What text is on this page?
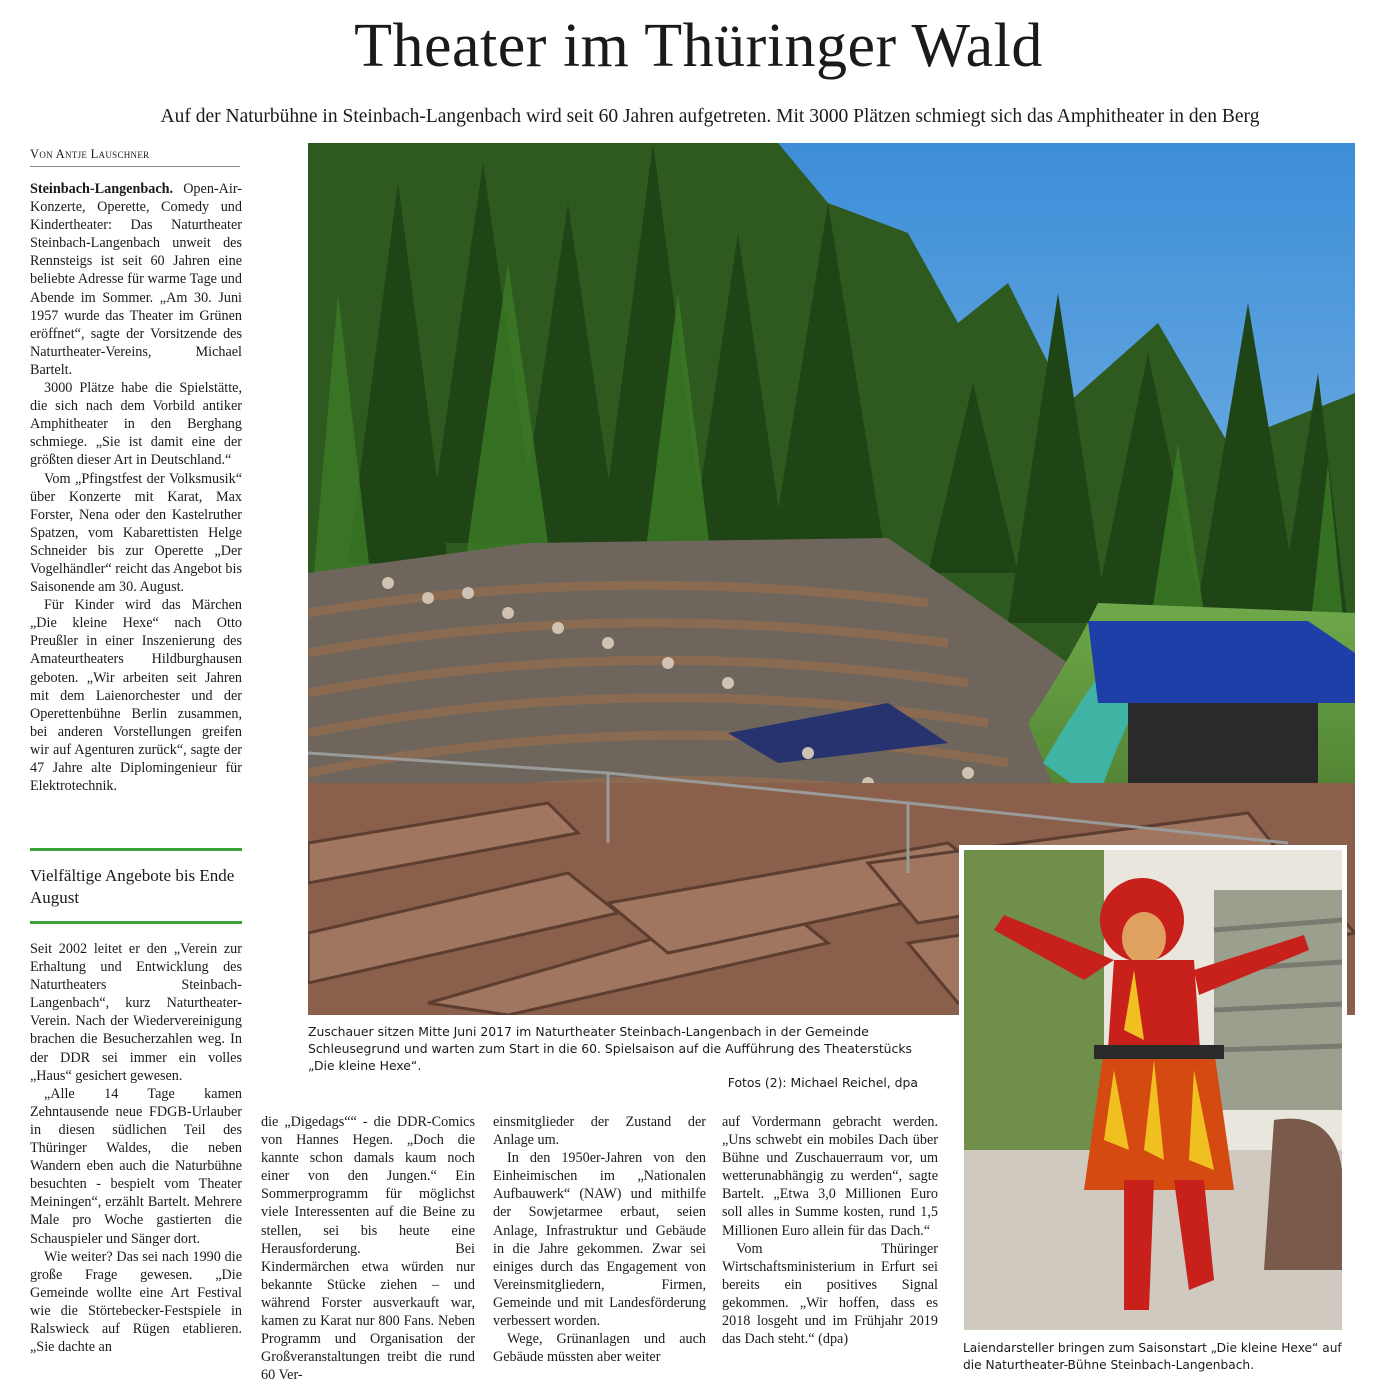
Theater im Thüringer Wald
Auf der Naturbühne in Steinbach-Langenbach wird seit 60 Jahren aufgetreten. Mit 3000 Plätzen schmiegt sich das Amphitheater in den Berg
Von Antje Lauschner

Steinbach-Langenbach. Open-Air-Konzerte, Operette, Comedy und Kindertheater: Das Naturtheater Steinbach-Langenbach unweit des Rennsteigs ist seit 60 Jahren eine beliebte Adresse für warme Tage und Abende im Sommer. „Am 30. Juni 1957 wurde das Theater im Grünen eröffnet“, sagte der Vorsitzende des Naturtheater-Vereins, Michael Bartelt.

3000 Plätze habe die Spielstätte, die sich nach dem Vorbild antiker Amphitheater in den Berghang schmiege. „Sie ist damit eine der größten dieser Art in Deutschland.“

Vom „Pfingstfest der Volksmusik“ über Konzerte mit Karat, Max Forster, Nena oder den Kastelruther Spatzen, vom Kabarettisten Helge Schneider bis zur Operette „Der Vogelhändler“ reicht das Angebot bis Saisonende am 30. August.

Für Kinder wird das Märchen „Die kleine Hexe“ nach Otto Preußler in einer Inszenierung des Amateurtheaters Hildburghausen geboten. „Wir arbeiten seit Jahren mit dem Laienorchester und der Operettenbühne Berlin zusammen, bei anderen Vorstellungen greifen wir auf Agenturen zurück“, sagte der 47 Jahre alte Diplomingenieur für Elektrotechnik.

Vielfältige Angebote bis Ende August

Seit 2002 leitet er den „Verein zur Erhaltung und Entwicklung des Naturtheaters Steinbach-Langenbach“, kurz Naturtheater-Verein. Nach der Wiedervereinigung brachen die Besucherzahlen weg. In der DDR sei immer ein volles „Haus“ gesichert gewesen.

„Alle 14 Tage kamen Zehntausende neue FDGB-Urlauber in diesen südlichen Teil des Thüringer Waldes, die neben Wandern eben auch die Naturbühne besuchten - bespielt vom Theater Meiningen“, erzählt Bartelt. Mehrere Male pro Woche gastierten die Schauspieler und Sänger dort.

Wie weiter? Das sei nach 1990 die große Frage gewesen. „Die Gemeinde wollte eine Art Festival wie die Störtebecker-Festspiele in Ralswieck auf Rügen etablieren. „Sie dachte an

Zuschauer sitzen Mitte Juni 2017 im Naturtheater Steinbach-Langenbach in der Gemeinde Schleusegrund und warten zum Start in die 60. Spielsaison auf die Aufführung des Theaterstücks „Die kleine Hexe“.
Fotos (2): Michael Reichel, dpa
Laiendarsteller bringen zum Saisonstart „Die kleine Hexe“ auf die Naturtheater-Bühne Steinbach-Langenbach.

die „Digedags““ - die DDR-Comics von Hannes Hegen. „Doch die kannte schon damals kaum noch einer von den Jungen.“ Ein Sommerprogramm für möglichst viele Interessenten auf die Beine zu stellen, sei bis heute eine Herausforderung. Bei Kindermärchen etwa würden nur bekannte Stücke ziehen – und während Forster ausverkauft war, kamen zu Karat nur 800 Fans. Neben Programm und Organisation der Großveranstaltungen treibt die rund 60 Ver-

einsmitglieder der Zustand der Anlage um.

In den 1950er-Jahren von den Einheimischen im „Nationalen Aufbauwerk“ (NAW) und mithilfe der Sowjetarmee erbaut, seien Anlage, Infrastruktur und Gebäude in die Jahre gekommen. Zwar sei einiges durch das Engagement von Vereinsmitgliedern, Firmen, Gemeinde und mit Landesförderung verbessert worden.

Wege, Grünanlagen und auch Gebäude müssten aber weiter

auf Vordermann gebracht werden. „Uns schwebt ein mobiles Dach über Bühne und Zuschauerraum vor, um wetterunabhängig zu werden“, sagte Bartelt. „Etwa 3,0 Millionen Euro soll alles in Summe kosten, rund 1,5 Millionen Euro allein für das Dach.“

Vom Thüringer Wirtschaftsministerium in Erfurt sei bereits ein positives Signal gekommen. „Wir hoffen, dass es 2018 losgeht und im Frühjahr 2019 das Dach steht.“ (dpa)
